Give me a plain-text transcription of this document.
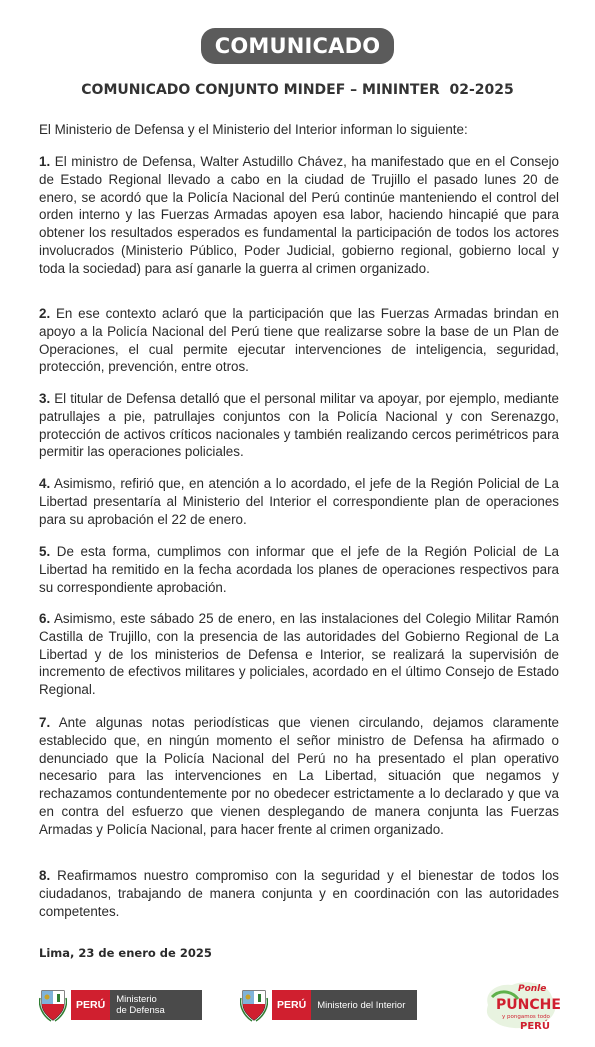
COMUNICADO
COMUNICADO CONJUNTO MINDEF – MININTER  02-2025
El Ministerio de Defensa y el Ministerio del Interior informan lo siguiente:
1. El ministro de Defensa, Walter Astudillo Chávez, ha manifestado que en el Consejo de Estado Regional llevado a cabo en la ciudad de Trujillo el pasado lunes 20 de enero, se acordó que la Policía Nacional del Perú continúe manteniendo el control del orden interno y las Fuerzas Armadas apoyen esa labor, haciendo hincapié que para obtener los resultados esperados es fundamental la participación de todos los actores involucrados (Ministerio Público, Poder Judicial, gobierno regional, gobierno local y toda la sociedad) para así ganarle la guerra al crimen organizado.
2. En ese contexto aclaró que la participación que las Fuerzas Armadas brindan en apoyo a la Policía Nacional del Perú tiene que realizarse sobre la base de un Plan de Operaciones, el cual permite ejecutar intervenciones de inteligencia, seguridad, protección, prevención, entre otros.
3. El titular de Defensa detalló que el personal militar va apoyar, por ejemplo, mediante patrullajes a pie, patrullajes conjuntos con la Policía Nacional y con Serenazgo, protección de activos críticos nacionales y también realizando cercos perimétricos para permitir las operaciones policiales.
4. Asimismo, refirió que, en atención a lo acordado, el jefe de la Región Policial de La Libertad presentaría al Ministerio del Interior el correspondiente plan de operaciones para su aprobación el 22 de enero.
5. De esta forma, cumplimos con informar que el jefe de la Región Policial de La Libertad ha remitido en la fecha acordada los planes de operaciones respectivos para su correspondiente aprobación.
6. Asimismo, este sábado 25 de enero, en las instalaciones del Colegio Militar Ramón Castilla de Trujillo, con la presencia de las autoridades del Gobierno Regional de La Libertad y de los ministerios de Defensa e Interior, se realizará la supervisión de incremento de efectivos militares y policiales, acordado en el último Consejo de Estado Regional.
7. Ante algunas notas periodísticas que vienen circulando, dejamos claramente establecido que, en ningún momento el señor ministro de Defensa ha afirmado o denunciado que la Policía Nacional del Perú no ha presentado el plan operativo necesario para las intervenciones en La Libertad, situación que negamos y rechazamos contundentemente por no obedecer estrictamente a lo declarado y que va en contra del esfuerzo que vienen desplegando de manera conjunta las Fuerzas Armadas y Policía Nacional, para hacer frente al crimen organizado.
8. Reafirmamos nuestro compromiso con la seguridad y el bienestar de todos los ciudadanos, trabajando de manera conjunta y en coordinación con las autoridades competentes.
Lima, 23 de enero de 2025
PERÚ	Ministerio
de Defensa	PERÚ	Ministerio del Interior
Ponle
PUNCHE
y pongamos todo
PERÚ
